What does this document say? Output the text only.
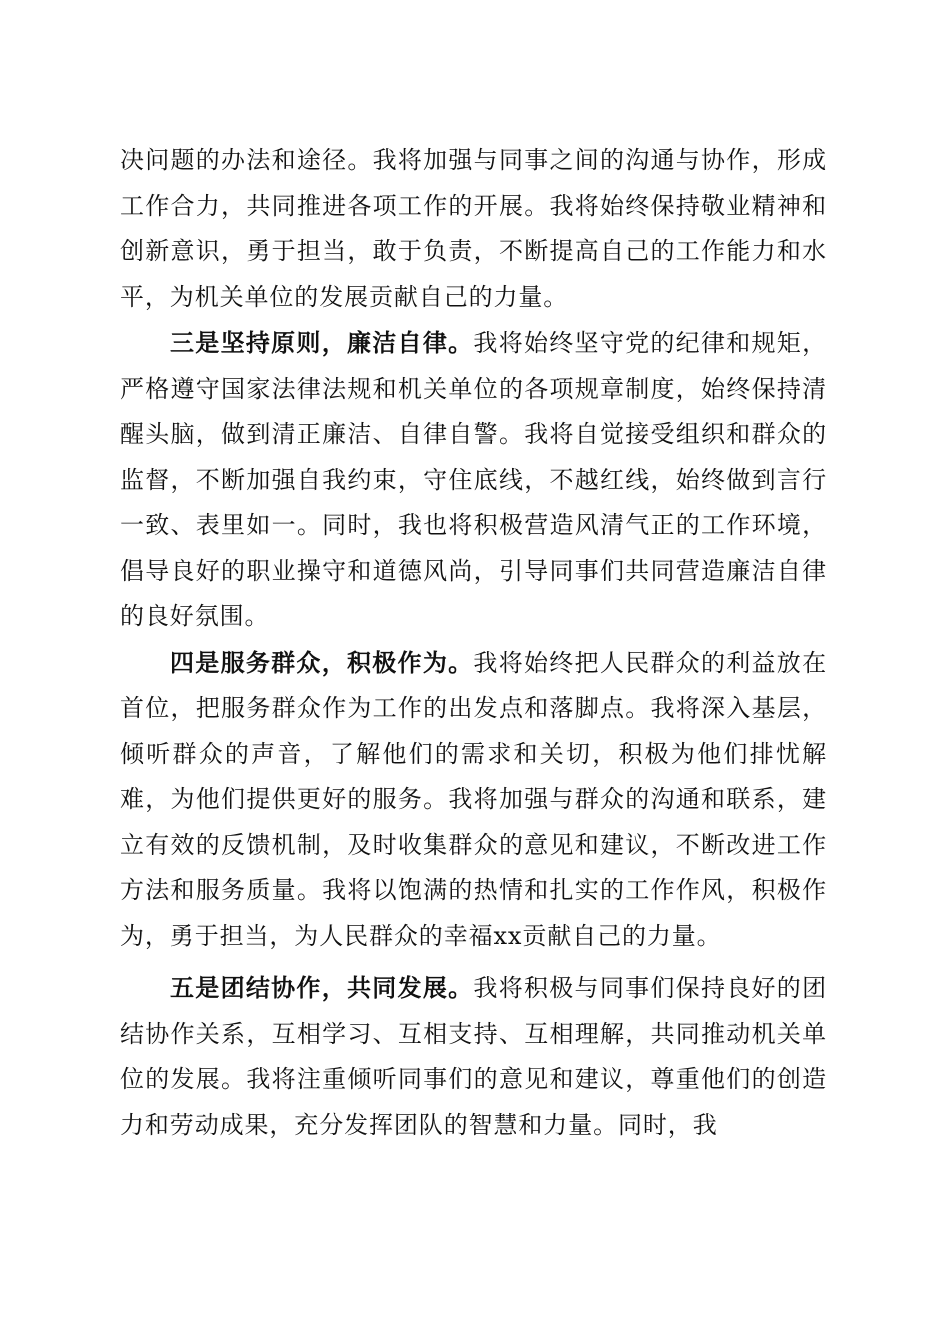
决问题的办法和途径。我将加强与同事之间的沟通与协作，形成工作合力，共同推进各项工作的开展。我将始终保持敬业精神和创新意识，勇于担当，敢于负责，不断提高自己的工作能力和水平，为机关单位的发展贡献自己的力量。

三是坚持原则，廉洁自律。我将始终坚守党的纪律和规矩，严格遵守国家法律法规和机关单位的各项规章制度，始终保持清醒头脑，做到清正廉洁、自律自警。我将自觉接受组织和群众的监督，不断加强自我约束，守住底线，不越红线，始终做到言行一致、表里如一。同时，我也将积极营造风清气正的工作环境，倡导良好的职业操守和道德风尚，引导同事们共同营造廉洁自律的良好氛围。

四是服务群众，积极作为。我将始终把人民群众的利益放在首位，把服务群众作为工作的出发点和落脚点。我将深入基层，倾听群众的声音，了解他们的需求和关切，积极为他们排忧解难，为他们提供更好的服务。我将加强与群众的沟通和联系，建立有效的反馈机制，及时收集群众的意见和建议，不断改进工作方法和服务质量。我将以饱满的热情和扎实的工作作风，积极作为，勇于担当，为人民群众的幸福xx贡献自己的力量。

五是团结协作，共同发展。我将积极与同事们保持良好的团结协作关系，互相学习、互相支持、互相理解，共同推动机关单位的发展。我将注重倾听同事们的意见和建议，尊重他们的创造力和劳动成果，充分发挥团队的智慧和力量。同时，我
